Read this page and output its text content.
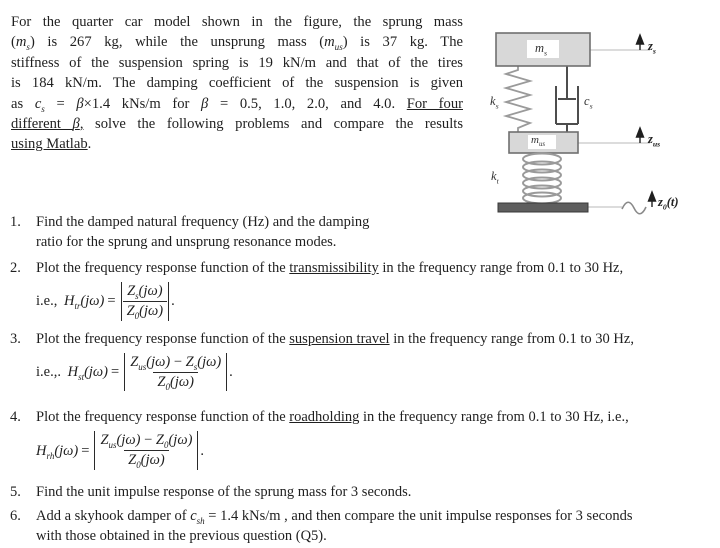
For the quarter car model shown in the figure, the sprung mass
$(m_s)$ is 267 kg, while the unsprung mass $(m_{us})$ is 37 kg. The
stiffness of the suspension spring is 19 kN/m and that of the tires
is 184 kN/m. The damping coefficient of the suspension is given
as $c_s = \beta\times 1.4$ kNs/m for β = 0.5, 1.0, 2.0, and 4.0. For four
different β, solve the following problems and compare the results
using Matlab.
$m_s$
$m_{us}$
$k_s$	$c_s$
$k_t$
$z_s$
$z_{us}$
$z_0(t)$
1.	Find the damped natural frequency (Hz) and the damping
ratio for the sprung and unsprung resonance modes.
2.	Plot the frequency response function of the transmissibility in the frequency range from 0.1 to 30 Hz,
i.e., $H_{tr}(j\omega) = \frac{Z_s(j\omega)}{Z_0(j\omega)}$ .
3.	Plot the frequency response function of the suspension travel in the frequency range from 0.1 to 30 Hz,
i.e.,. $H_{st}(j\omega) = \frac{Z_{us}(j\omega) - Z_s(j\omega)}{Z_0(j\omega)}$ .
4.	Plot the frequency response function of the roadholding in the frequency range from 0.1 to 30 Hz, i.e.,
$H_{rh}(j\omega) = \frac{Z_{us}(j\omega) - Z_0(j\omega)}{Z_0(j\omega)}$ .
5.	Find the unit impulse response of the sprung mass for 3 seconds.
6.	Add a skyhook damper of $c_{sh} = 1.4$ kNs/m , and then compare the unit impulse responses for 3 seconds
with those obtained in the previous question (Q5).
